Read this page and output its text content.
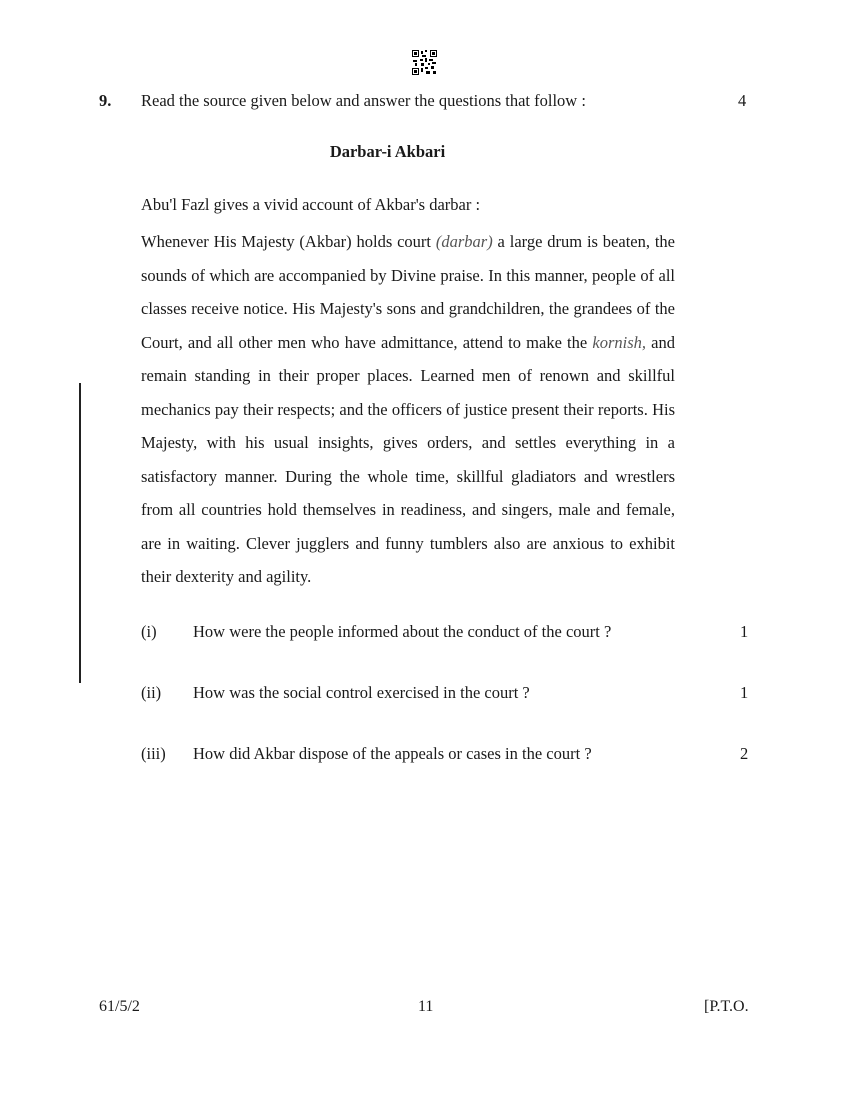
9. Read the source given below and answer the questions that follow :	4
Darbar-i Akbari
Abu'l Fazl gives a vivid account of Akbar's darbar :
Whenever His Majesty (Akbar) holds court (darbar) a large drum is beaten, the sounds of which are accompanied by Divine praise. In this manner, people of all classes receive notice. His Majesty's sons and grandchildren, the grandees of the Court, and all other men who have admittance, attend to make the kornish, and remain standing in their proper places. Learned men of renown and skillful mechanics pay their respects; and the officers of justice present their reports. His Majesty, with his usual insights, gives orders, and settles everything in a satisfactory manner. During the whole time, skillful gladiators and wrestlers from all countries hold themselves in readiness, and singers, male and female, are in waiting. Clever jugglers and funny tumblers also are anxious to exhibit their dexterity and agility.
(i) How were the people informed about the conduct of the court ?	1
(ii) How was the social control exercised in the court ?	1
(iii) How did Akbar dispose of the appeals or cases in the court ?	2
61/5/2	11	[P.T.O.
